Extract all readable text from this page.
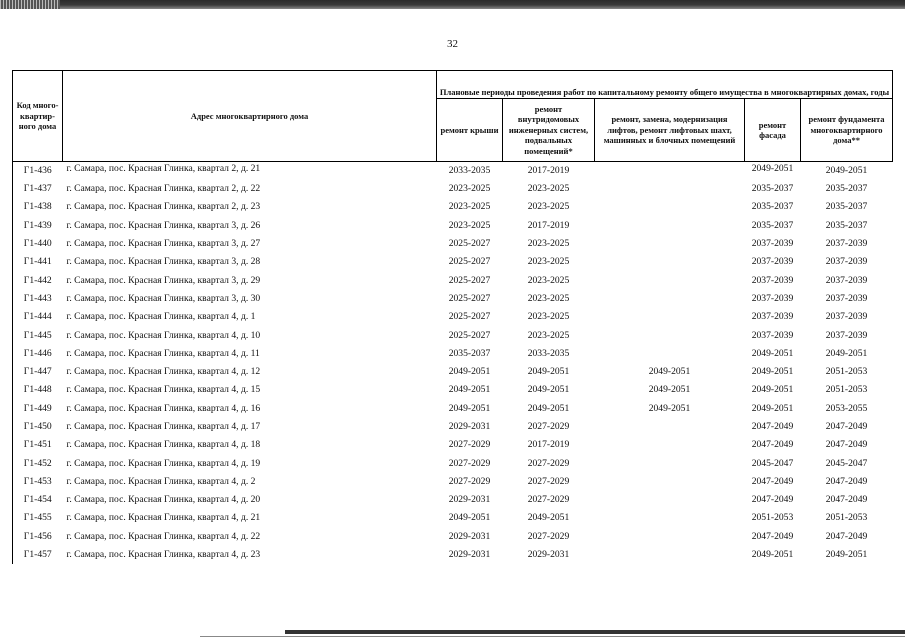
32
Код много-квартир-ного дома	Адрес многоквартирного дома	Плановые периоды проведения работ по капитальному ремонту общего имущества в многоквартирных домах, годы				
		ремонт крыши	ремонт внутридомовых инженерных систем, подвальных помещений*	ремонт, замена, модернизация лифтов, ремонт лифтовых шахт, машинных и блочных помещений	ремонт фасада	ремонт фундамента многоквартирного дома**
Г1-436	г. Самара, пос. Красная Глинка, квартал 2, д. 21	2033-2035	2017-2019		2049-2051	2049-2051
Г1-437	г. Самара, пос. Красная Глинка, квартал 2, д. 22	2023-2025	2023-2025		2035-2037	2035-2037
Г1-438	г. Самара, пос. Красная Глинка, квартал 2, д. 23	2023-2025	2023-2025		2035-2037	2035-2037
Г1-439	г. Самара, пос. Красная Глинка, квартал 3, д. 26	2023-2025	2017-2019		2035-2037	2035-2037
Г1-440	г. Самара, пос. Красная Глинка, квартал 3, д. 27	2025-2027	2023-2025		2037-2039	2037-2039
Г1-441	г. Самара, пос. Красная Глинка, квартал 3, д. 28	2025-2027	2023-2025		2037-2039	2037-2039
Г1-442	г. Самара, пос. Красная Глинка, квартал 3, д. 29	2025-2027	2023-2025		2037-2039	2037-2039
Г1-443	г. Самара, пос. Красная Глинка, квартал 3, д. 30	2025-2027	2023-2025		2037-2039	2037-2039
Г1-444	г. Самара, пос. Красная Глинка, квартал 4, д. 1	2025-2027	2023-2025		2037-2039	2037-2039
Г1-445	г. Самара, пос. Красная Глинка, квартал 4, д. 10	2025-2027	2023-2025		2037-2039	2037-2039
Г1-446	г. Самара, пос. Красная Глинка, квартал 4, д. 11	2035-2037	2033-2035		2049-2051	2049-2051
Г1-447	г. Самара, пос. Красная Глинка, квартал 4, д. 12	2049-2051	2049-2051	2049-2051	2049-2051	2051-2053
Г1-448	г. Самара, пос. Красная Глинка, квартал 4, д. 15	2049-2051	2049-2051	2049-2051	2049-2051	2051-2053
Г1-449	г. Самара, пос. Красная Глинка, квартал 4, д. 16	2049-2051	2049-2051	2049-2051	2049-2051	2053-2055
Г1-450	г. Самара, пос. Красная Глинка, квартал 4, д. 17	2029-2031	2027-2029		2047-2049	2047-2049
Г1-451	г. Самара, пос. Красная Глинка, квартал 4, д. 18	2027-2029	2017-2019		2047-2049	2047-2049
Г1-452	г. Самара, пос. Красная Глинка, квартал 4, д. 19	2027-2029	2027-2029		2045-2047	2045-2047
Г1-453	г. Самара, пос. Красная Глинка, квартал 4, д. 2	2027-2029	2027-2029		2047-2049	2047-2049
Г1-454	г. Самара, пос. Красная Глинка, квартал 4, д. 20	2029-2031	2027-2029		2047-2049	2047-2049
Г1-455	г. Самара, пос. Красная Глинка, квартал 4, д. 21	2049-2051	2049-2051		2051-2053	2051-2053
Г1-456	г. Самара, пос. Красная Глинка, квартал 4, д. 22	2029-2031	2027-2029		2047-2049	2047-2049
Г1-457	г. Самара, пос. Красная Глинка, квартал 4, д. 23	2029-2031	2029-2031		2049-2051	2049-2051
